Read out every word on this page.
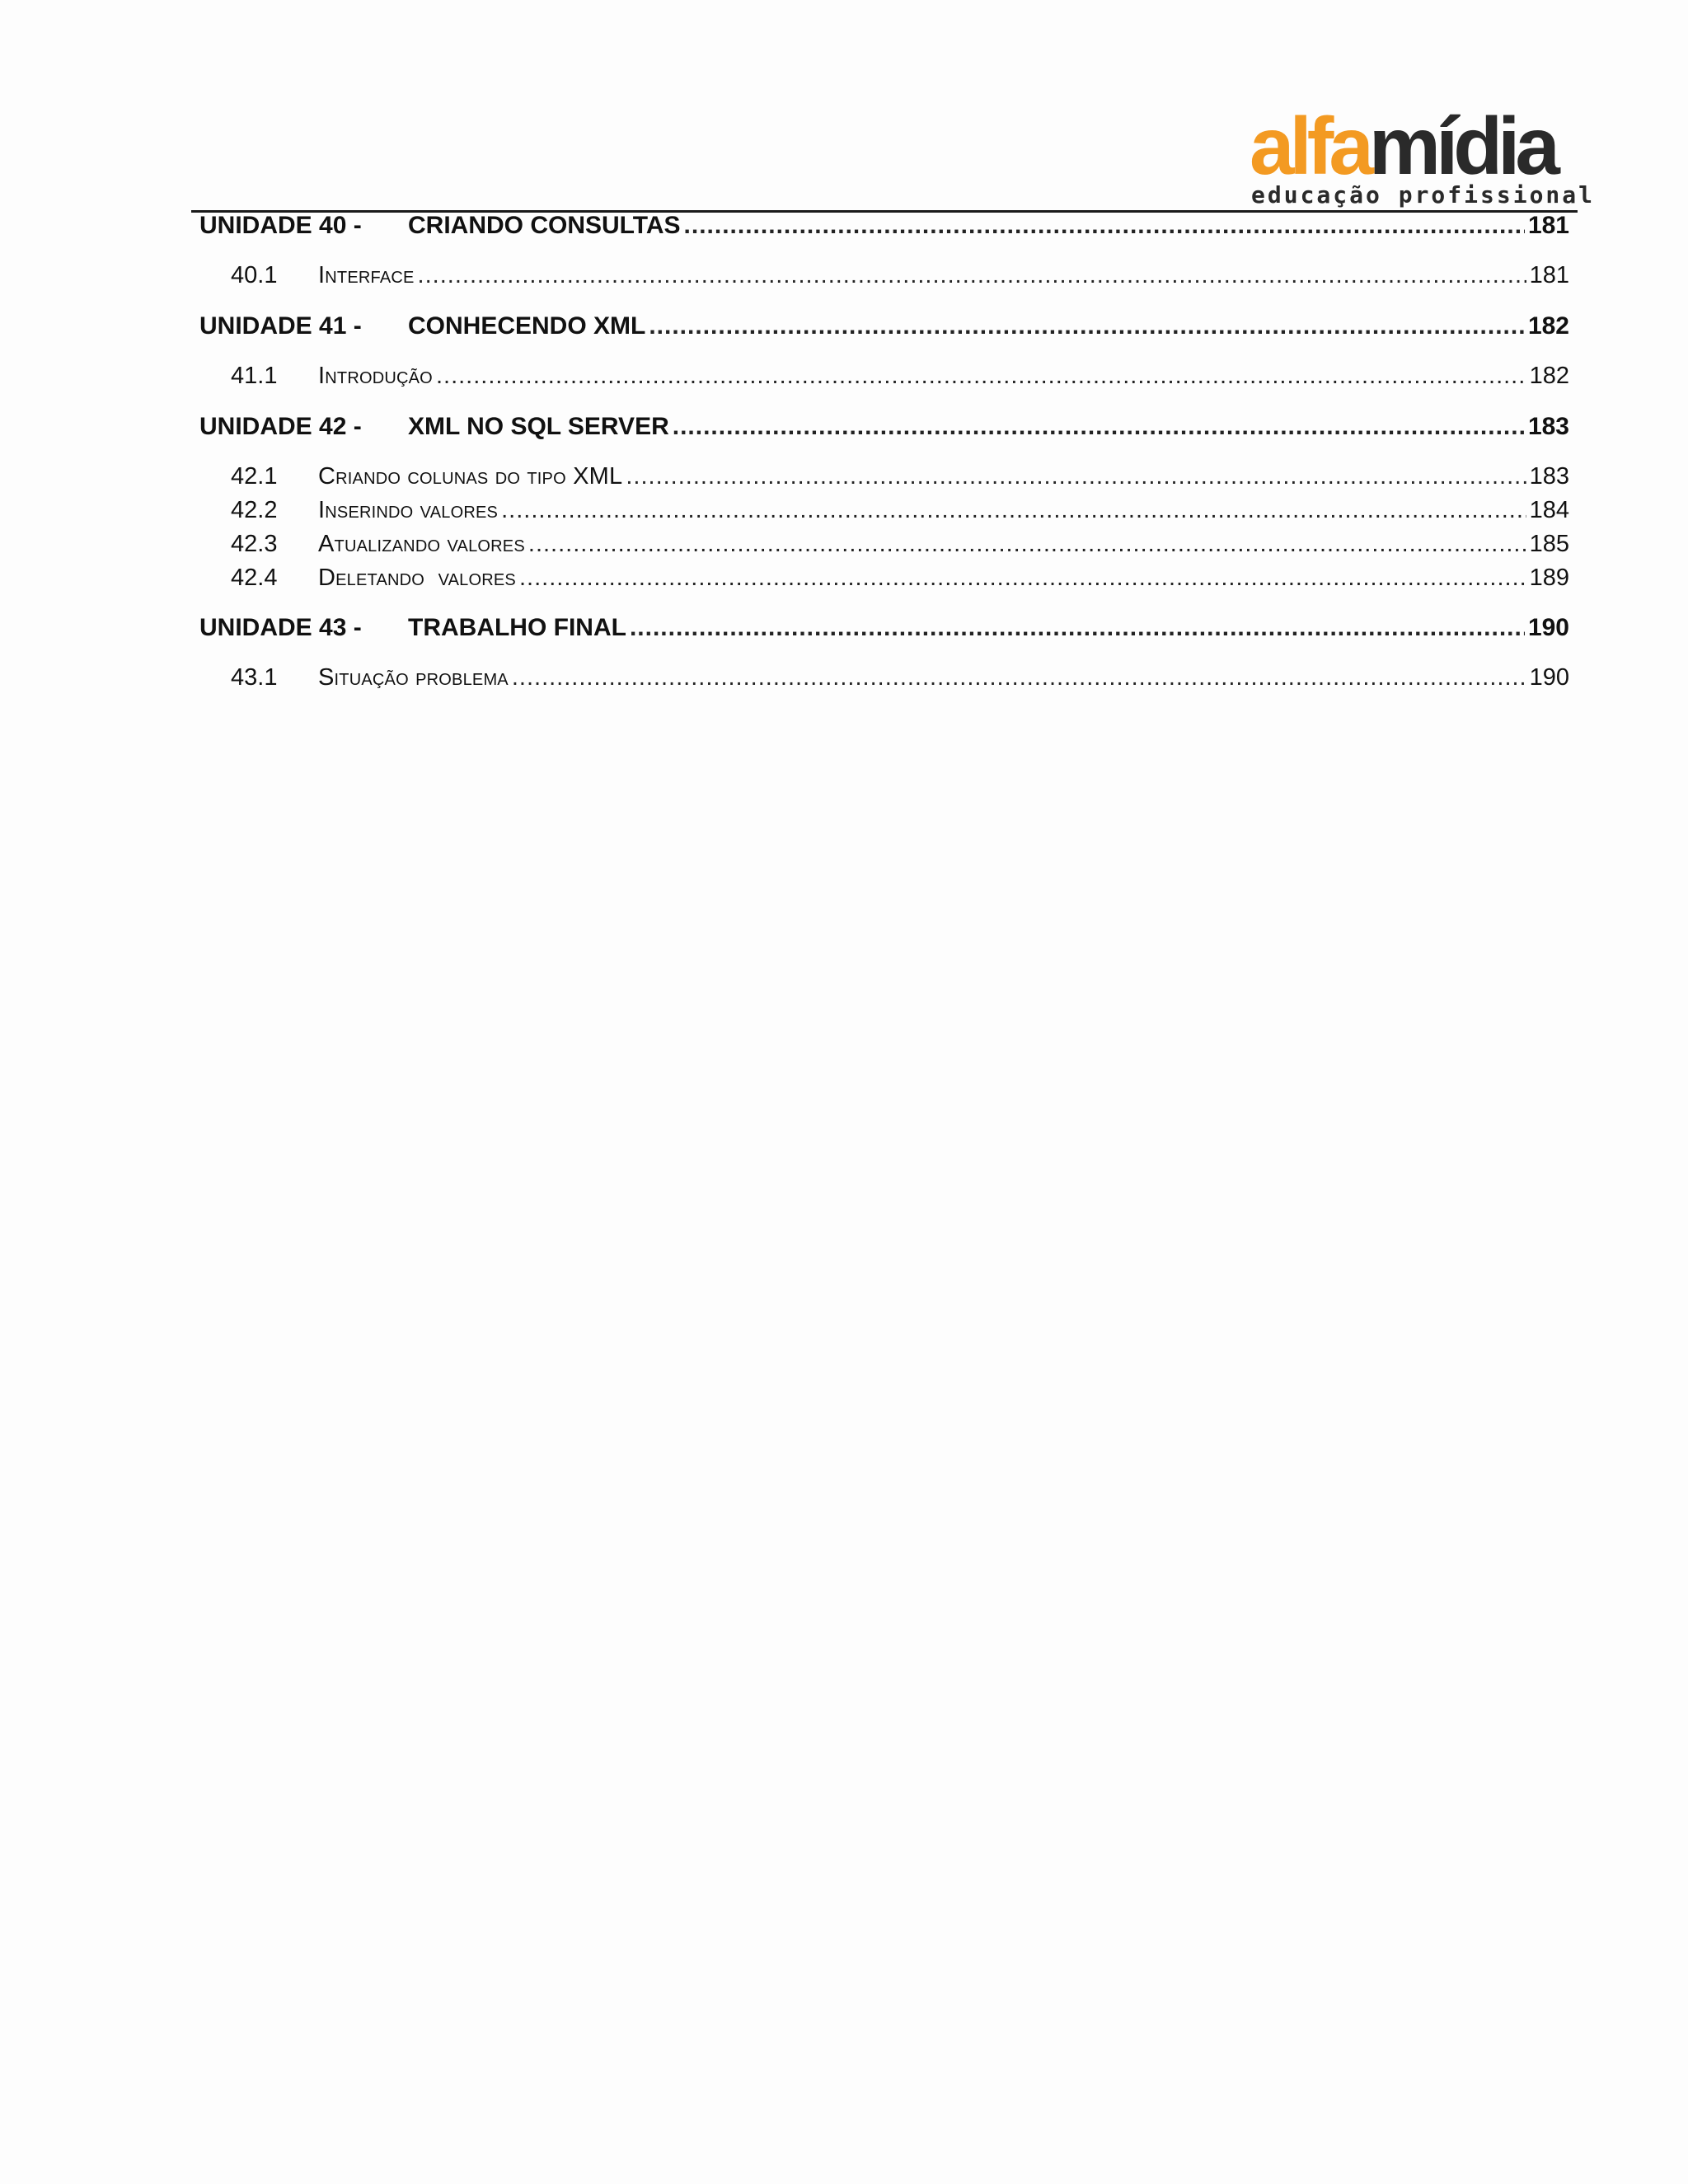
alfamídia
educação profissional
UNIDADE 40 -	CRIANDO CONSULTAS .....	181
40.1	Interface .....	181
UNIDADE 41 -	CONHECENDO XML .....	182
41.1	Introdução .....	182
UNIDADE 42 -	XML NO SQL SERVER .....	183
42.1	Criando colunas do tipo XML .....	183
42.2	Inserindo valores .....	184
42.3	Atualizando valores .....	185
42.4	Deletando  valores .....	189
UNIDADE 43 -	TRABALHO FINAL .....	190
43.1	Situação problema .....	190
